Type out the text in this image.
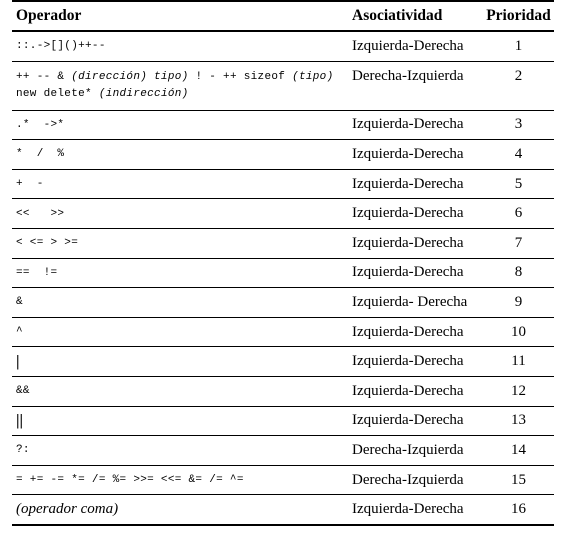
Operador	Asociatividad	Prioridad
::.->[]()++--	Izquierda-Derecha	1
++ -- & (dirección) tipo) ! - ++ sizeof (tipo)
new delete* (indirección)	Derecha-Izquierda	2
.*  ->*	Izquierda-Derecha	3
*  /  %	Izquierda-Derecha	4
+  -	Izquierda-Derecha	5
<<   >>	Izquierda-Derecha	6
< <= > >=	Izquierda-Derecha	7
==  !=	Izquierda-Derecha	8
&	Izquierda- Derecha	9
^	Izquierda-Derecha	10
|	Izquierda-Derecha	11
&&	Izquierda-Derecha	12
||	Izquierda-Derecha	13
?:	Derecha-Izquierda	14
= += -= *= /= %= >>= <<= &= /= ^=	Derecha-Izquierda	15
(operador coma)	Izquierda-Derecha	16
